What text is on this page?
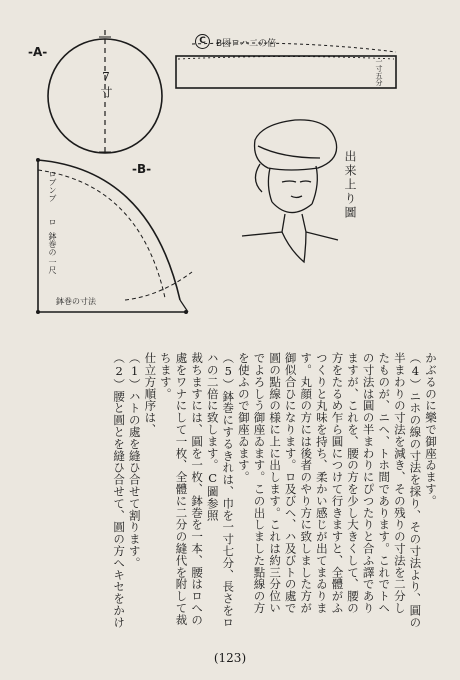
-A-
-B-
C
7寸
B図ロハ二の倍
一寸五分
ロブンブ
ロ
鉢巻の
一尺
鉢巻の寸法
出来上り圖
かぶるのに樂で御座ゐます。
（4）ニホの線の寸法を採り、その寸法より、圓の
半まわりの寸法を減き、その残りの寸法を二分し
たものが、ニヘ、トホ間であります。これでトヘ
の寸法は圓の半まわりにぴつたりと合ふ譯であり
ますが、これを、腰の方を少し大きくして、腰の
方をたるめ乍ら圓につけて行きますと、全體がふ
つくりと丸味を持ち、柔かい感じが出てまゐりま
す。丸顔の方には後者のやり方に致しました方が
御似合ひになります。ロ及びヘ、ハ及びトの處で
圓の點線の様に上に出します。これは約三分位い
でよろしう御座ゐます。この出しました點線の方
を使ふので御座ゐます。
（5）鉢巻にするきれは、巾を一寸七分、長さをロ
ハの二倍に致します。C圖参照
裁ちますには、圓を一枚、鉢巻を一本、腰はロへの
處をワナにして一枚、全體に二分の縫代を附して裁
ちます。
仕立方順序は、
（1）ハトの處を縫ひ合せて割ります。
（2）腰と圓とを縫ひ合せて、圓の方へキセをかけ
(123)
